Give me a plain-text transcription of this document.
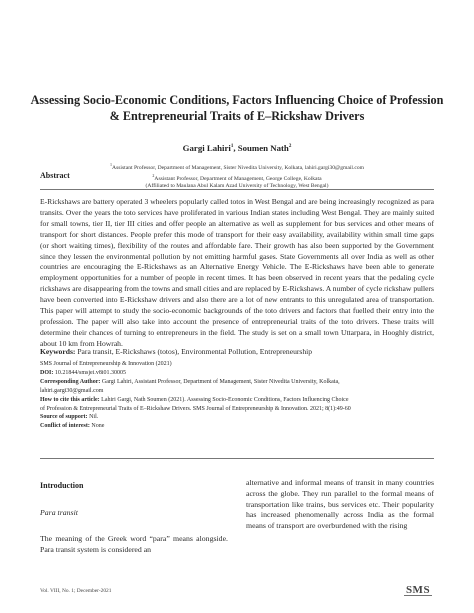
Assessing Socio-Economic Conditions, Factors Influencing Choice of Profession & Entrepreneurial Traits of E–Rickshaw Drivers
Gargi Lahiri$^1$, Soumen Nath$^2$
$^1$Assistant Professor, Department of Management, Sister Nivedita University, Kolkata, lahiri.gargi30@gmail.com
$^2$Assistant Professor, Department of Management, George College, Kolkata
(Affiliated to Maulana Abul Kalam Azad University of Technology, West Bengal)
Abstract
E-Rickshaws are battery operated 3 wheelers popularly called totos in West Bengal and are being increasingly recognized as para transits. Over the years the toto services have proliferated in various Indian states including West Bengal. They are mainly suited for small towns, tier II, tier III cities and offer people an alternative as well as supplement for bus services and other means of transport for short distances. People prefer this mode of transport for their easy availability, availability within small time gaps (or short waiting times), flexibility of the routes and affordable fare. Their growth has also been supported by the Government since they lessen the environmental pollution by not emitting harmful gases. State Governments all over India as well as other countries are encouraging the E-Rickshaws as an Alternative Energy Vehicle. The E-Rickshaws have been able to generate employment opportunities for a number of people in recent times. It has been observed in recent years that the pedaling cycle rickshaws are disappearing from the towns and small cities and are replaced by E-Rickshaws. A number of cycle rickshaw pullers have been converted into E-Rickshaw drivers and also there are a lot of new entrants to this unregulated area of transportation. This paper will attempt to study the socio-economic backgrounds of the toto drivers and factors that fuelled their entry into the profession. The paper will also take into account the presence of entrepreneurial traits of the toto drivers. These traits will determine their chances of turning to entrepreneurs in the field. The study is set on a small town Uttarpara, in Hooghly district, about 10 km from Howrah.
Keywords: Para transit, E-Rickshaws (totos), Environmental Pollution, Entrepreneurship
SMS Journal of Entrepreneurship & Innovation (2021)
DOI: 10.21844/smsjei.v8i01.30005
Corresponding Author: Gargi Lahiri, Assistant Professor, Department of Management, Sister Nivedita University, Kolkata,
lahiri.gargi30@gmail.com
How to cite this article: Lahiri Gargi, Nath Soumen (2021). Assessing Socio-Economic Conditions, Factors Influencing Choice
of Profession & Entrepreneurial Traits of E–Rickshaw Drivers. SMS Journal of Entrepreneurship & Innovation. 2021; 8(1):49-60
Source of support: Nil.
Conflict of interest: None
Introduction
Para transit
The meaning of the Greek word “para” means alongside. Para transit system is considered an
alternative and informal means of transit in many countries across the globe. They run parallel to the formal means of transportation like trains, bus services etc. Their popularity has increased phenomenally across India as the formal means of transport are overburdened with the rising
Vol. VIII, No. 1; December-2021	SMS
